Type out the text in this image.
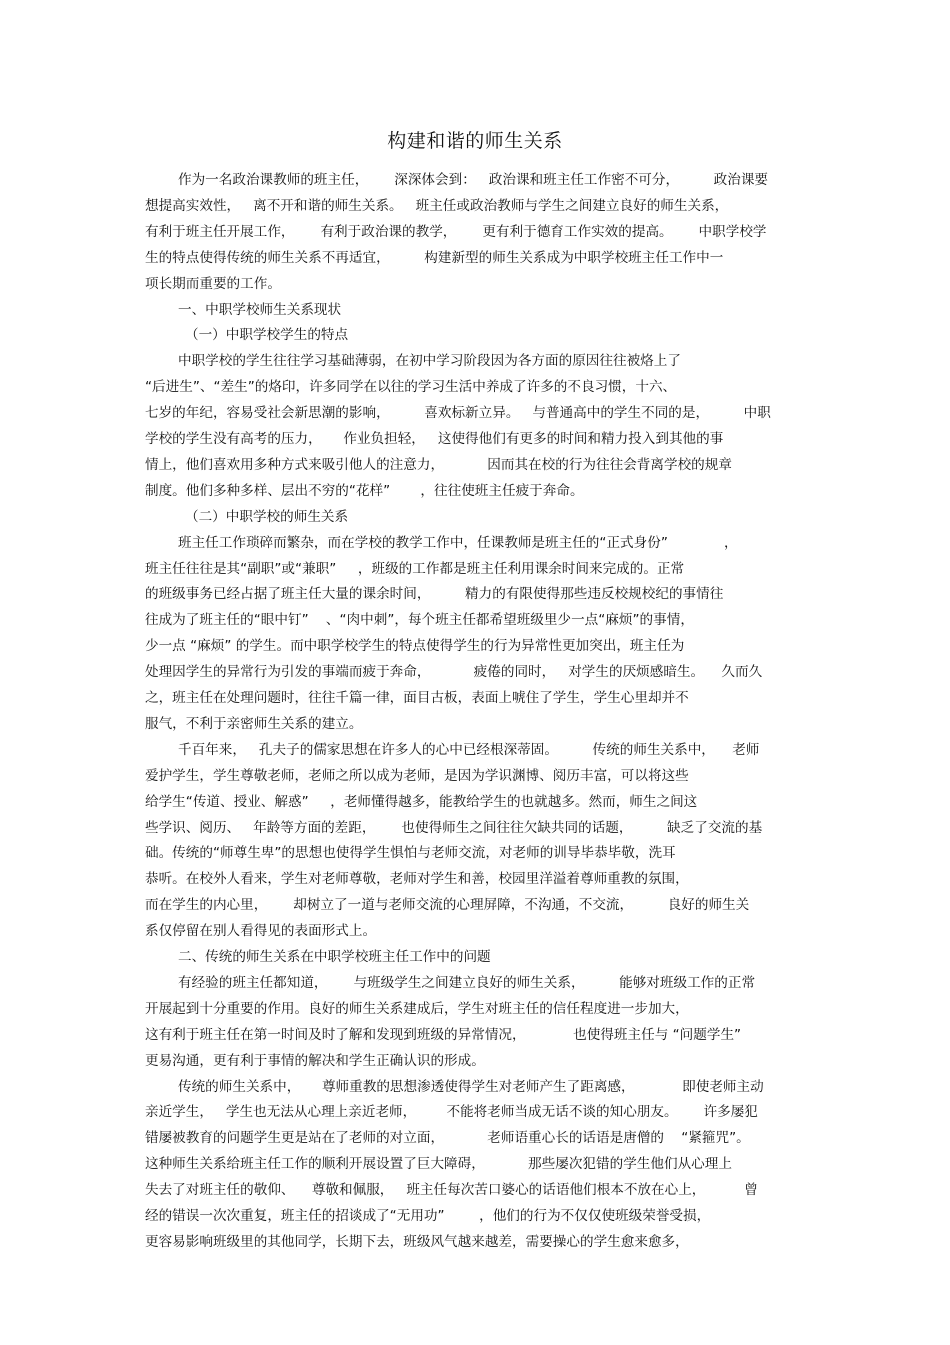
构建和谐的师生关系
作为一名政治课教师的班主任，      深深体会到：   政治课和班主任工作密不可分，        政治课要
想提高实效性，   离不开和谐的师生关系。   班主任或政治教师与学生之间建立良好的师生关系，
有利于班主任开展工作，      有利于政治课的教学，      更有利于德育工作实效的提高。      中职学校学
生的特点使得传统的师生关系不再适宜，        构建新型的师生关系成为中职学校班主任工作中一
项长期而重要的工作。
一、中职学校师生关系现状
（一）中职学校学生的特点
中职学校的学生往往学习基础薄弱，在初中学习阶段因为各方面的原因往往被烙上了
“后进生”、“差生”的烙印，许多同学在以往的学习生活中养成了许多的不良习惯，十六、
七岁的年纪，容易受社会新思潮的影响，        喜欢标新立异。   与普通高中的学生不同的是，        中职
学校的学生没有高考的压力，     作业负担轻，   这使得他们有更多的时间和精力投入到其他的事
情上，他们喜欢用多种方式来吸引他人的注意力，          因而其在校的行为往往会背离学校的规章
制度。他们多种多样、层出不穷的“花样”       ，往往使班主任疲于奔命。
（二）中职学校的师生关系
班主任工作琐碎而繁杂，而在学校的教学工作中，任课教师是班主任的“正式身份”             ，
班主任往往是其“副职”或“兼职”     ，班级的工作都是班主任利用课余时间来完成的。正常
的班级事务已经占据了班主任大量的课余时间，        精力的有限使得那些违反校规校纪的事情往
往成为了班主任的“眼中钉”    、“肉中刺”，每个班主任都希望班级里少一点“麻烦”的事情，
少一点 “麻烦” 的学生。而中职学校学生的特点使得学生的行为异常性更加突出，班主任为
处理因学生的异常行为引发的事端而疲于奔命，          疲倦的同时，   对学生的厌烦感暗生。    久而久
之，班主任在处理问题时，往往千篇一律，面目古板，表面上唬住了学生，学生心里却并不
服气，不利于亲密师生关系的建立。
千百年来，   孔夫子的儒家思想在许多人的心中已经根深蒂固。        传统的师生关系中，    老师
爱护学生，学生尊敬老师，老师之所以成为老师，是因为学识渊博、阅历丰富，可以将这些
给学生“传道、授业、解惑”     ，老师懂得越多，能教给学生的也就越多。然而，师生之间这
些学识、阅历、   年龄等方面的差距，      也使得师生之间往往欠缺共同的话题，        缺乏了交流的基
础。传统的“师尊生卑”的思想也使得学生惧怕与老师交流，对老师的训导毕恭毕敬，洗耳
恭听。在校外人看来，学生对老师尊敬，老师对学生和善，校园里洋溢着尊师重教的氛围，
而在学生的内心里，      却树立了一道与老师交流的心理屏障，不沟通，不交流，        良好的师生关
系仅停留在别人看得见的表面形式上。
二、传统的师生关系在中职学校班主任工作中的问题
有经验的班主任都知道，      与班级学生之间建立良好的师生关系，        能够对班级工作的正常
开展起到十分重要的作用。良好的师生关系建成后，学生对班主任的信任程度进一步加大，
这有利于班主任在第一时间及时了解和发现到班级的异常情况，           也使得班主任与 “问题学生”
更易沟通，更有利于事情的解决和学生正确认识的形成。
传统的师生关系中，     尊师重教的思想渗透使得学生对老师产生了距离感，           即使老师主动
亲近学生，   学生也无法从心理上亲近老师，       不能将老师当成无话不谈的知心朋友。      许多屡犯
错屡被教育的问题学生更是站在了老师的对立面，          老师语重心长的话语是唐僧的    “紧箍咒”。
这种师生关系给班主任工作的顺利开展设置了巨大障碍，          那些屡次犯错的学生他们从心理上
失去了对班主任的敬仰、    尊敬和佩服，   班主任每次苦口婆心的话语他们根本不放在心上，         曾
经的错误一次次重复，班主任的招谈成了“无用功”        ，他们的行为不仅仅使班级荣誉受损，
更容易影响班级里的其他同学，长期下去，班级风气越来越差，需要操心的学生愈来愈多，
